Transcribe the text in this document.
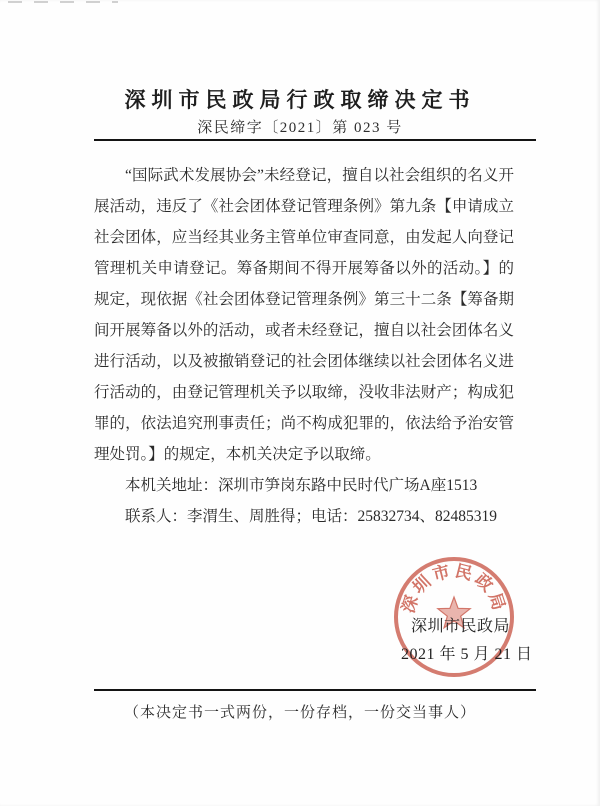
深圳市民政局行政取缔决定书
深民缔字〔2021〕第 023 号

“国际武术发展协会”未经登记，擅自以社会组织的名义开展活动，违反了《社会团体登记管理条例》第九条【申请成立社会团体，应当经其业务主管单位审查同意，由发起人向登记管理机关申请登记。筹备期间不得开展筹备以外的活动。】的规定，现依据《社会团体登记管理条例》第三十二条【筹备期间开展筹备以外的活动，或者未经登记，擅自以社会团体名义进行活动，以及被撤销登记的社会团体继续以社会团体名义进行活动的，由登记管理机关予以取缔，没收非法财产；构成犯罪的，依法追究刑事责任；尚不构成犯罪的，依法给予治安管理处罚。】的规定，本机关决定予以取缔。

本机关地址：深圳市笋岗东路中民时代广场A座1513

联系人：李渭生、周胜得；电话：25832734、82485319

深圳市民政局
深圳市民政局
2021 年 5 月 21 日
（本决定书一式两份，一份存档，一份交当事人）
